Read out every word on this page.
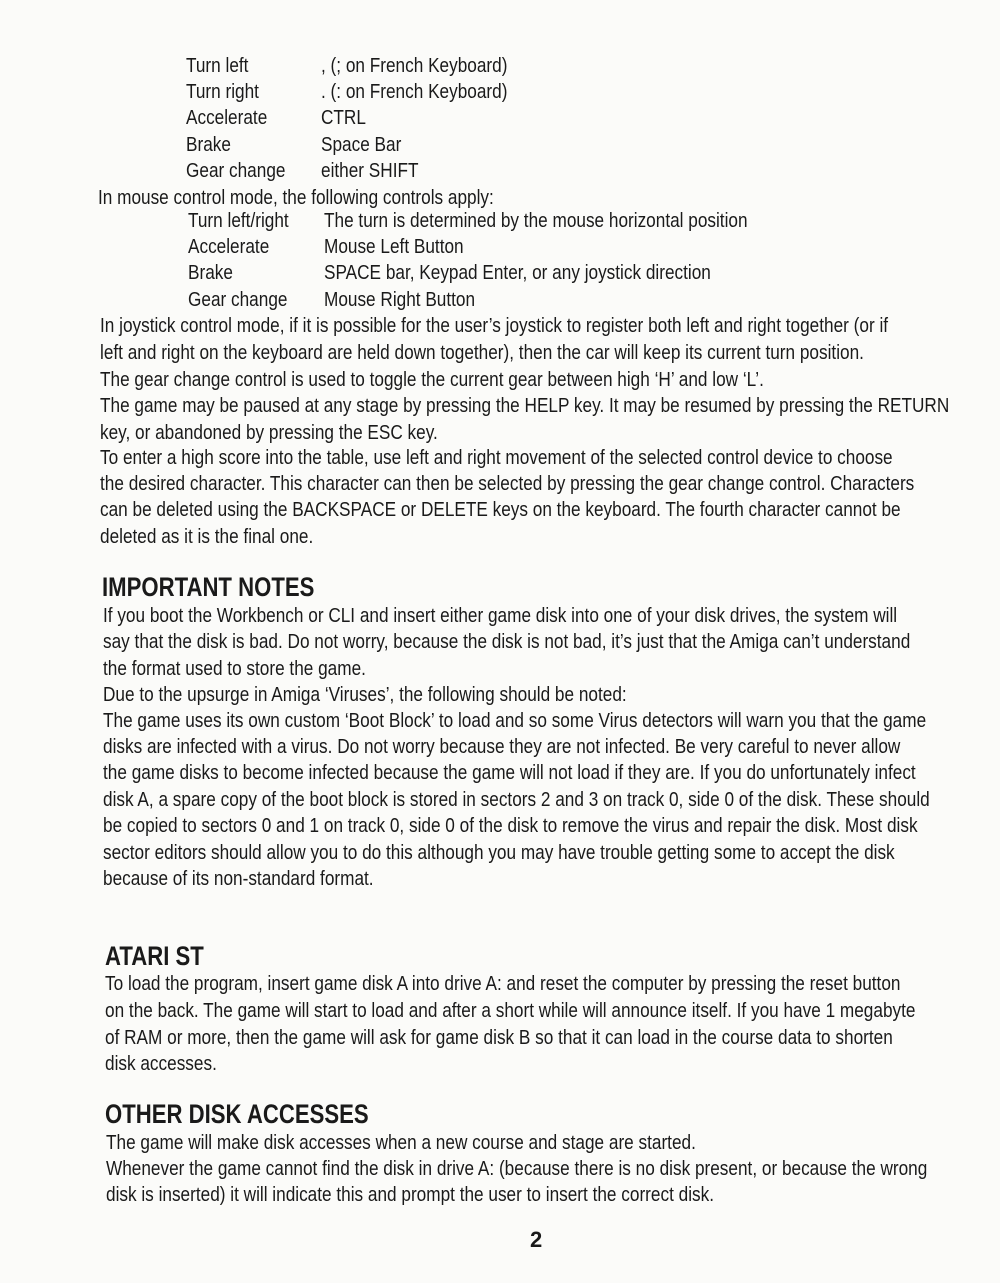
Turn left	, (; on French Keyboard)
Turn right	. (: on French Keyboard)
Accelerate	CTRL
Brake	Space Bar
Gear change	either SHIFT

In mouse control mode, the following controls apply:

Turn left/right	The turn is determined by the mouse horizontal position
Accelerate	Mouse Left Button
Brake	SPACE bar, Keypad Enter, or any joystick direction
Gear change	Mouse Right Button

In joystick control mode, if it is possible for the user’s joystick to register both left and right together (or if

left and right on the keyboard are held down together), then the car will keep its current turn position.

The gear change control is used to toggle the current gear between high ‘H’ and low ‘L’.

The game may be paused at any stage by pressing the HELP key. It may be resumed by pressing the RETURN

key, or abandoned by pressing the ESC key.

To enter a high score into the table, use left and right movement of the selected control device to choose

the desired character. This character can then be selected by pressing the gear change control. Characters

can be deleted using the BACKSPACE or DELETE keys on the keyboard. The fourth character cannot be

deleted as it is the final one.

IMPORTANT NOTES

If you boot the Workbench or CLI and insert either game disk into one of your disk drives, the system will

say that the disk is bad. Do not worry, because the disk is not bad, it’s just that the Amiga can’t understand

the format used to store the game.

Due to the upsurge in Amiga ‘Viruses’, the following should be noted:

The game uses its own custom ‘Boot Block’ to load and so some Virus detectors will warn you that the game

disks are infected with a virus. Do not worry because they are not infected. Be very careful to never allow

the game disks to become infected because the game will not load if they are. If you do unfortunately infect

disk A, a spare copy of the boot block is stored in sectors 2 and 3 on track 0, side 0 of the disk. These should

be copied to sectors 0 and 1 on track 0, side 0 of the disk to remove the virus and repair the disk. Most disk

sector editors should allow you to do this although you may have trouble getting some to accept the disk

because of its non-standard format.

ATARI ST

To load the program, insert game disk A into drive A: and reset the computer by pressing the reset button

on the back. The game will start to load and after a short while will announce itself. If you have 1 megabyte

of RAM or more, then the game will ask for game disk B so that it can load in the course data to shorten

disk accesses.

OTHER DISK ACCESSES

The game will make disk accesses when a new course and stage are started.

Whenever the game cannot find the disk in drive A: (because there is no disk present, or because the wrong

disk is inserted) it will indicate this and prompt the user to insert the correct disk.

2
